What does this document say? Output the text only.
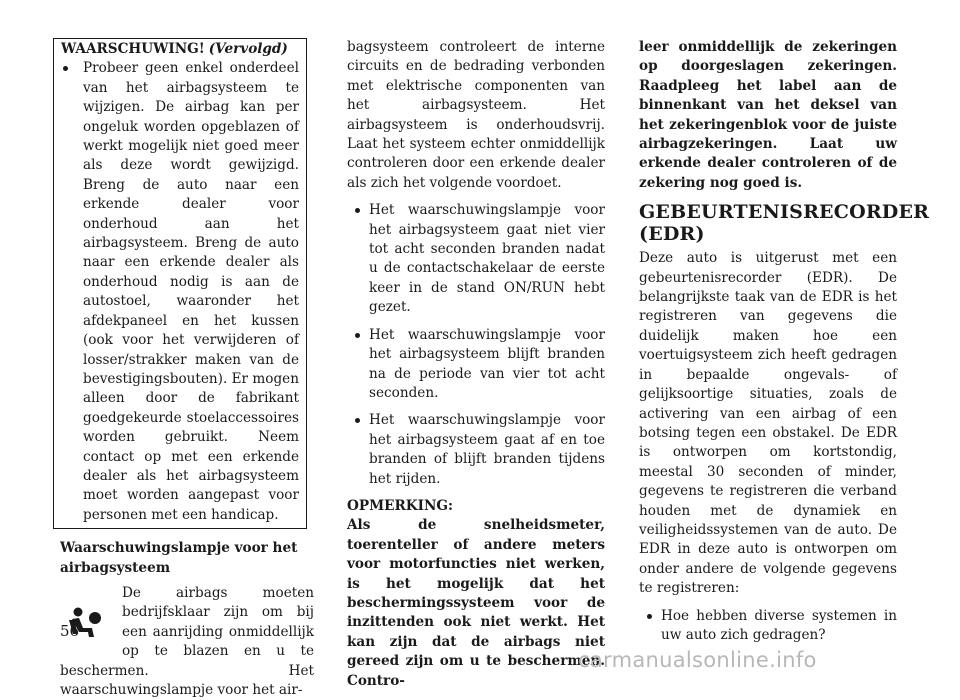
WAARSCHUWING! (Vervolgd)
Probeer geen enkel onderdeel van het airbagsysteem te wijzigen. De airbag kan per ongeluk worden opgeblazen of werkt mogelijk niet goed meer als deze wordt gewijzigd. Breng de auto naar een erkende dealer voor onderhoud aan het airbagsysteem. Breng de auto naar een erkende dealer als onderhoud nodig is aan de autostoel, waaronder het afdekpaneel en het kussen (ook voor het verwijderen of losser/strakker maken van de bevestigingsbouten). Er mogen alleen door de fabrikant goedgekeurde stoelaccessoires worden gebruikt. Neem contact op met een erkende dealer als het airbagsysteem moet worden aangepast voor personen met een handicap.
Waarschuwingslampje voor het airbagsysteem
De airbags moeten bedrijfsklaar zijn om bij een aanrijding onmiddellijk op te blazen en u te beschermen. Het waarschuwingslampje voor het air-

bagsysteem controleert de interne circuits en de bedrading verbonden met elektrische componenten van het airbagsysteem. Het airbagsysteem is onderhoudsvrij. Laat het systeem echter onmiddellijk controleren door een erkende dealer als zich het volgende voordoet.

Het waarschuwingslampje voor het airbagsysteem gaat niet vier tot acht seconden branden nadat u de contactschakelaar de eerste keer in de stand ON/RUN hebt gezet.
Het waarschuwingslampje voor het airbagsysteem blijft branden na de periode van vier tot acht seconden.
Het waarschuwingslampje voor het airbagsysteem gaat af en toe branden of blijft branden tijdens het rijden.
OPMERKING:

Als de snelheidsmeter, toerenteller of andere meters voor motorfuncties niet werken, is het mogelijk dat het beschermingssysteem voor de inzittenden ook niet werkt. Het kan zijn dat de airbags niet gereed zijn om u te beschermen. Contro-

leer onmiddellijk de zekeringen op doorgeslagen zekeringen. Raadpleeg het label aan de binnenkant van het deksel van het zekeringenblok voor de juiste airbagzekeringen. Laat uw erkende dealer controleren of de zekering nog goed is.

GEBEURTENISRECORDER (EDR)

Deze auto is uitgerust met een gebeurtenisrecorder (EDR). De belangrijkste taak van de EDR is het registreren van gegevens die duidelijk maken hoe een voertuigsysteem zich heeft gedragen in bepaalde ongevals- of gelijksoortige situaties, zoals de activering van een airbag of een botsing tegen een obstakel. De EDR is ontworpen om kortstondig, meestal 30 seconden of minder, gegevens te registreren die verband houden met de dynamiek en veiligheidssystemen van de auto. De EDR in deze auto is ontworpen om onder andere de volgende gegevens te registreren:

Hoe hebben diverse systemen in uw auto zich gedragen?
56
carmanualsonline.info
